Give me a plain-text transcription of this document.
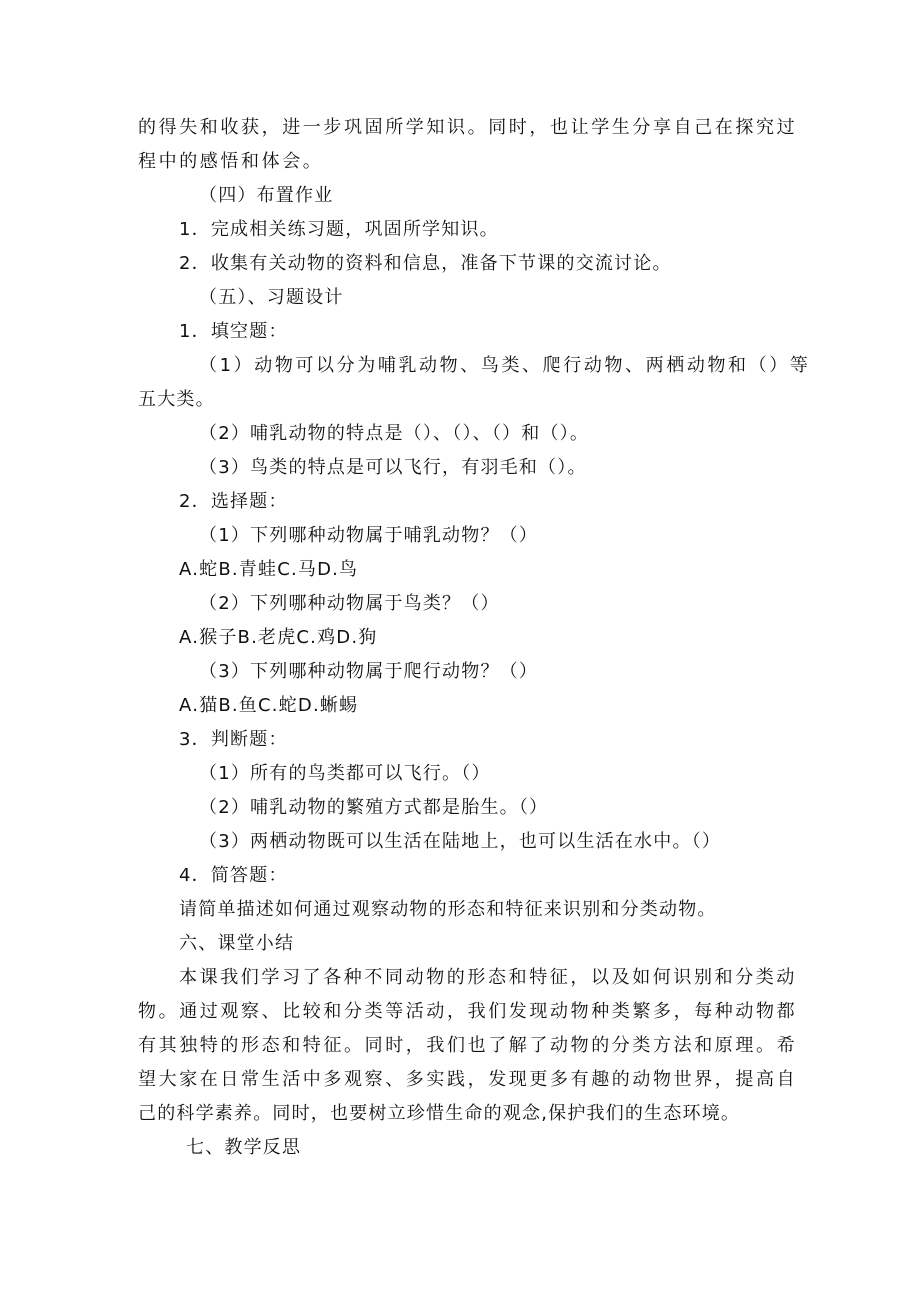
的得失和收获，进一步巩固所学知识。同时，也让学生分享自己在探究过
程中的感悟和体会。
（四）布置作业
1．完成相关练习题，巩固所学知识。
2．收集有关动物的资料和信息，准备下节课的交流讨论。
（五）、习题设计
1．填空题：
（1）动物可以分为哺乳动物、鸟类、爬行动物、两栖动物和（）等
五大类。
（2）哺乳动物的特点是（）、（）、（）和（）。
（3）鸟类的特点是可以飞行，有羽毛和（）。
2．选择题：
（1）下列哪种动物属于哺乳动物？（）
A.蛇B.青蛙C.马D.鸟
（2）下列哪种动物属于鸟类？（）
A.猴子B.老虎C.鸡D.狗
（3）下列哪种动物属于爬行动物？（）
A.猫B.鱼C.蛇D.蜥蜴
3．判断题：
（1）所有的鸟类都可以飞行。（）
（2）哺乳动物的繁殖方式都是胎生。（）
（3）两栖动物既可以生活在陆地上，也可以生活在水中。（）
4．简答题：
请简单描述如何通过观察动物的形态和特征来识别和分类动物。
六、课堂小结
本课我们学习了各种不同动物的形态和特征，以及如何识别和分类动
物。通过观察、比较和分类等活动，我们发现动物种类繁多，每种动物都
有其独特的形态和特征。同时，我们也了解了动物的分类方法和原理。希
望大家在日常生活中多观察、多实践，发现更多有趣的动物世界，提高自
己的科学素养。同时，也要树立珍惜生命的观念,保护我们的生态环境。
七、教学反思
